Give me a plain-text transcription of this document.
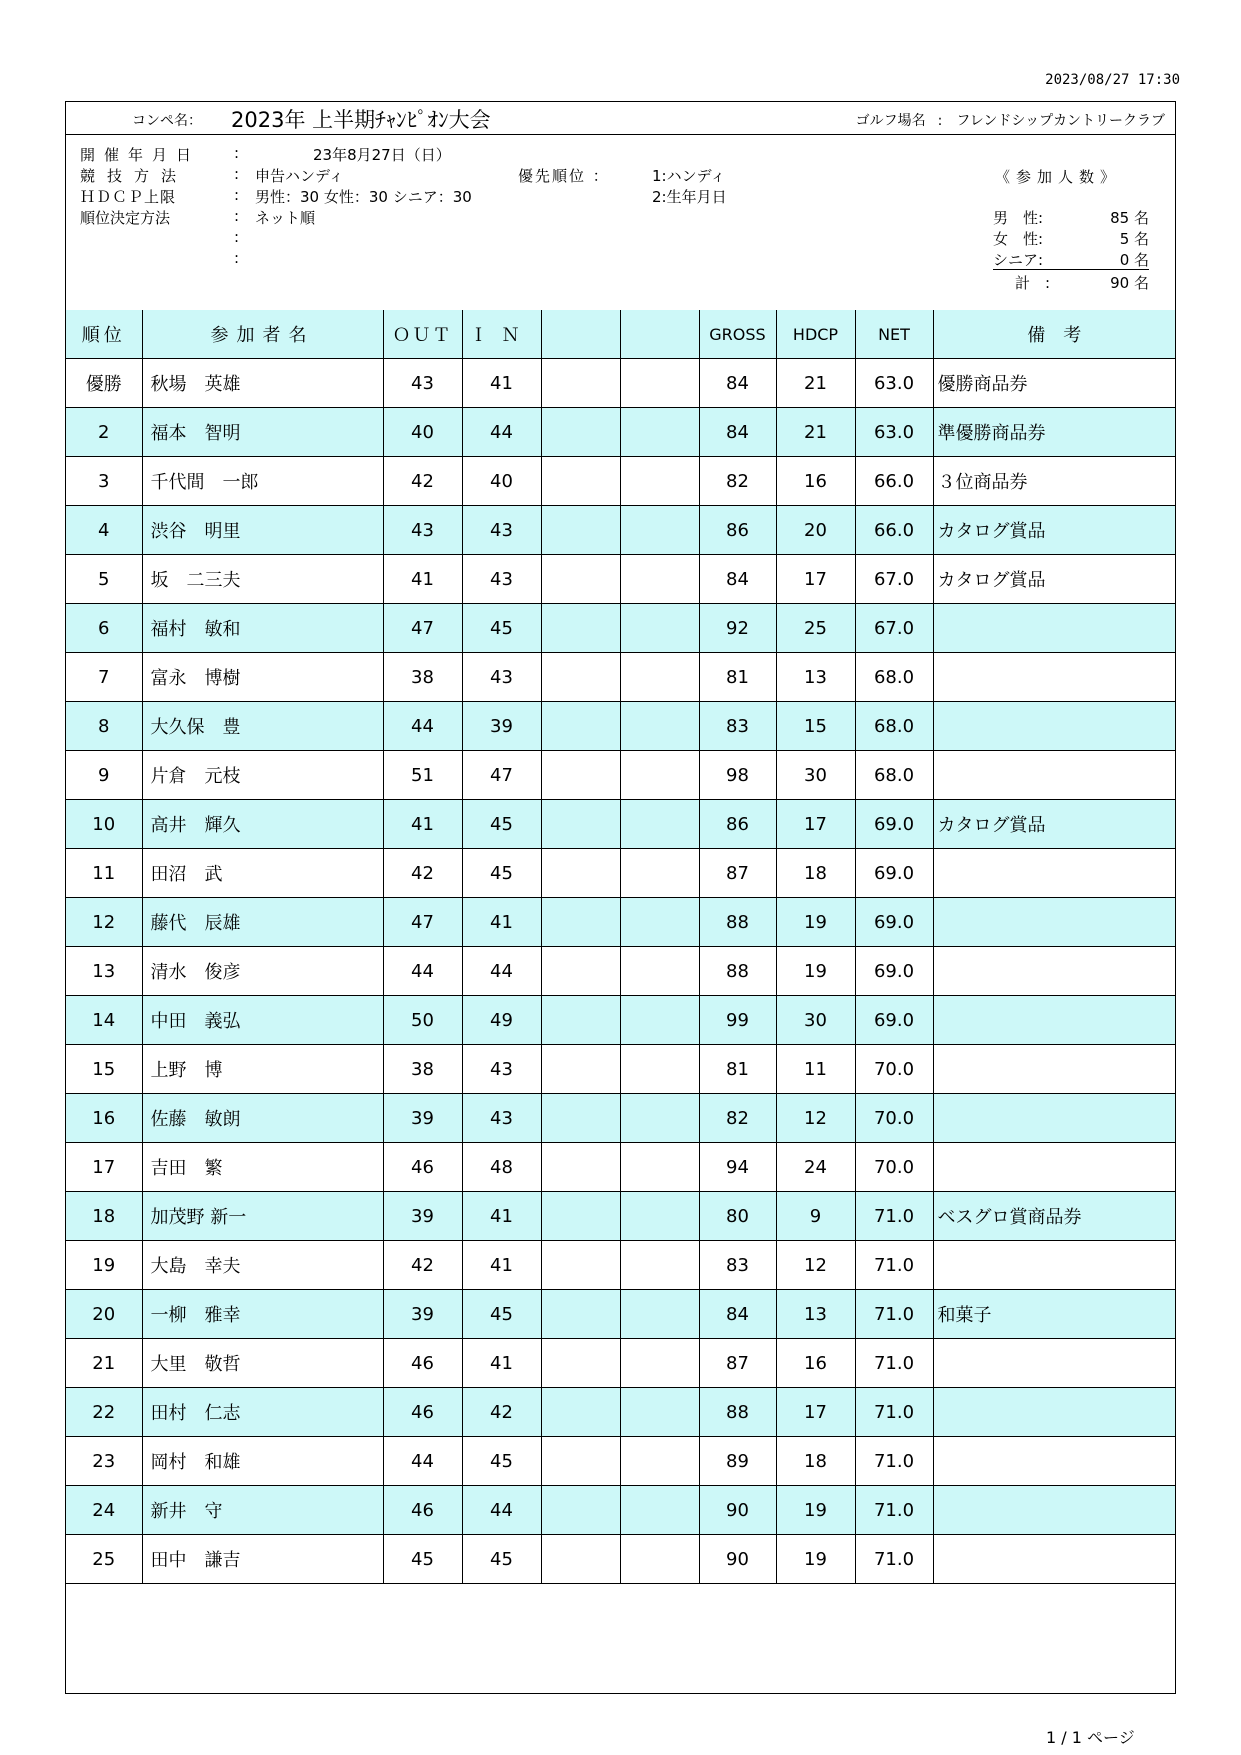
2023/08/27 17:30
コンペ名： 2023年 上半期ﾁｬﾝﾋﾟｵﾝ大会	ゴルフ場名 : フレンドシップカントリークラブ
開催年月日 :	23年8月27日（日）
競技方法	: 申告ハンディ	優先順位 ：	1:ハンディ
ＨＤＣＰ上限	: 男性：30 女性：30 シニア：30	2:生年月日
順位決定方法	: ネット順
:
:
《参加人数》
男　性:	85 名
女　性:	5 名
シニア:	0 名
計　:	90 名
順位	参加者名	ＯＵＴ	ＩＮ			GROSS	HDCP	NET	備　考
優勝	秋場　英雄	43	41			84	21	63.0	優勝商品券
2	福本　智明	40	44			84	21	63.0	準優勝商品券
3	千代間　一郎	42	40			82	16	66.0	３位商品券
4	渋谷　明里	43	43			86	20	66.0	カタログ賞品
5	坂　二三夫	41	43			84	17	67.0	カタログ賞品
6	福村　敏和	47	45			92	25	67.0	
7	富永　博樹	38	43			81	13	68.0	
8	大久保　豊	44	39			83	15	68.0	
9	片倉　元枝	51	47			98	30	68.0	
10	高井　輝久	41	45			86	17	69.0	カタログ賞品
11	田沼　武	42	45			87	18	69.0	
12	藤代　辰雄	47	41			88	19	69.0	
13	清水　俊彦	44	44			88	19	69.0	
14	中田　義弘	50	49			99	30	69.0	
15	上野　博	38	43			81	11	70.0	
16	佐藤　敏朗	39	43			82	12	70.0	
17	吉田　繁	46	48			94	24	70.0	
18	加茂野 新一	39	41			80	9	71.0	ベスグロ賞商品券
19	大島　幸夫	42	41			83	12	71.0	
20	一柳　雅幸	39	45			84	13	71.0	和菓子
21	大里　敬哲	46	41			87	16	71.0	
22	田村　仁志	46	42			88	17	71.0	
23	岡村　和雄	44	45			89	18	71.0	
24	新井　守	46	44			90	19	71.0	
25	田中　謙吉	45	45			90	19	71.0	
1 / 1 ページ
